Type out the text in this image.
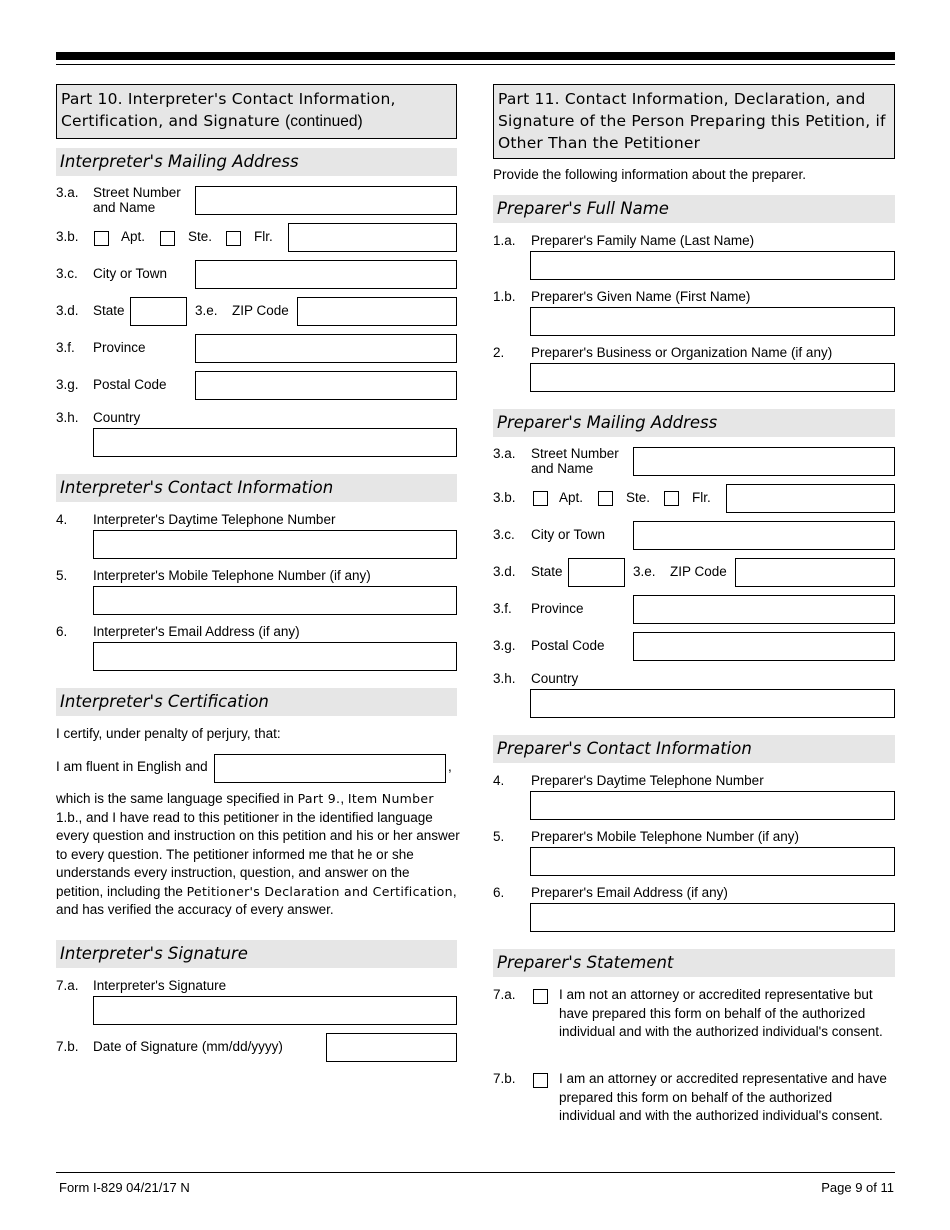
Part 10. Interpreter's Contact Information, Certification, and Signature (continued)
Interpreter's Mailing Address
3.a. Street Number and Name
3.b.	Apt.	Ste.	Flr.
3.c. City or Town
3.d. State	3.e. ZIP Code
3.f. Province
3.g. Postal Code
3.h. Country
Interpreter's Contact Information
4. Interpreter's Daytime Telephone Number
5. Interpreter's Mobile Telephone Number (if any)
6. Interpreter's Email Address (if any)
Interpreter's Certification
I certify, under penalty of perjury, that:
I am fluent in English and	,
which is the same language specified in Part 9., Item Number 1.b., and I have read to this petitioner in the identified language every question and instruction on this petition and his or her answer to every question. The petitioner informed me that he or she understands every instruction, question, and answer on the petition, including the Petitioner's Declaration and Certification, and has verified the accuracy of every answer.
Interpreter's Signature
7.a. Interpreter's Signature
7.b. Date of Signature (mm/dd/yyyy)
Part 11. Contact Information, Declaration, and Signature of the Person Preparing this Petition, if Other Than the Petitioner
Provide the following information about the preparer.
Preparer's Full Name
1.a. Preparer's Family Name (Last Name)
1.b. Preparer's Given Name (First Name)
2. Preparer's Business or Organization Name (if any)
Preparer's Mailing Address
3.a. Street Number and Name
3.b.	Apt.	Ste.	Flr.
3.c. City or Town
3.d. State	3.e. ZIP Code
3.f. Province
3.g. Postal Code
3.h. Country
Preparer's Contact Information
4. Preparer's Daytime Telephone Number
5. Preparer's Mobile Telephone Number (if any)
6. Preparer's Email Address (if any)
Preparer's Statement
7.a.	I am not an attorney or accredited representative but have prepared this form on behalf of the authorized individual and with the authorized individual's consent.
7.b.	I am an attorney or accredited representative and have prepared this form on behalf of the authorized individual and with the authorized individual's consent.
Form I-829 04/21/17 N	Page 9 of 11
